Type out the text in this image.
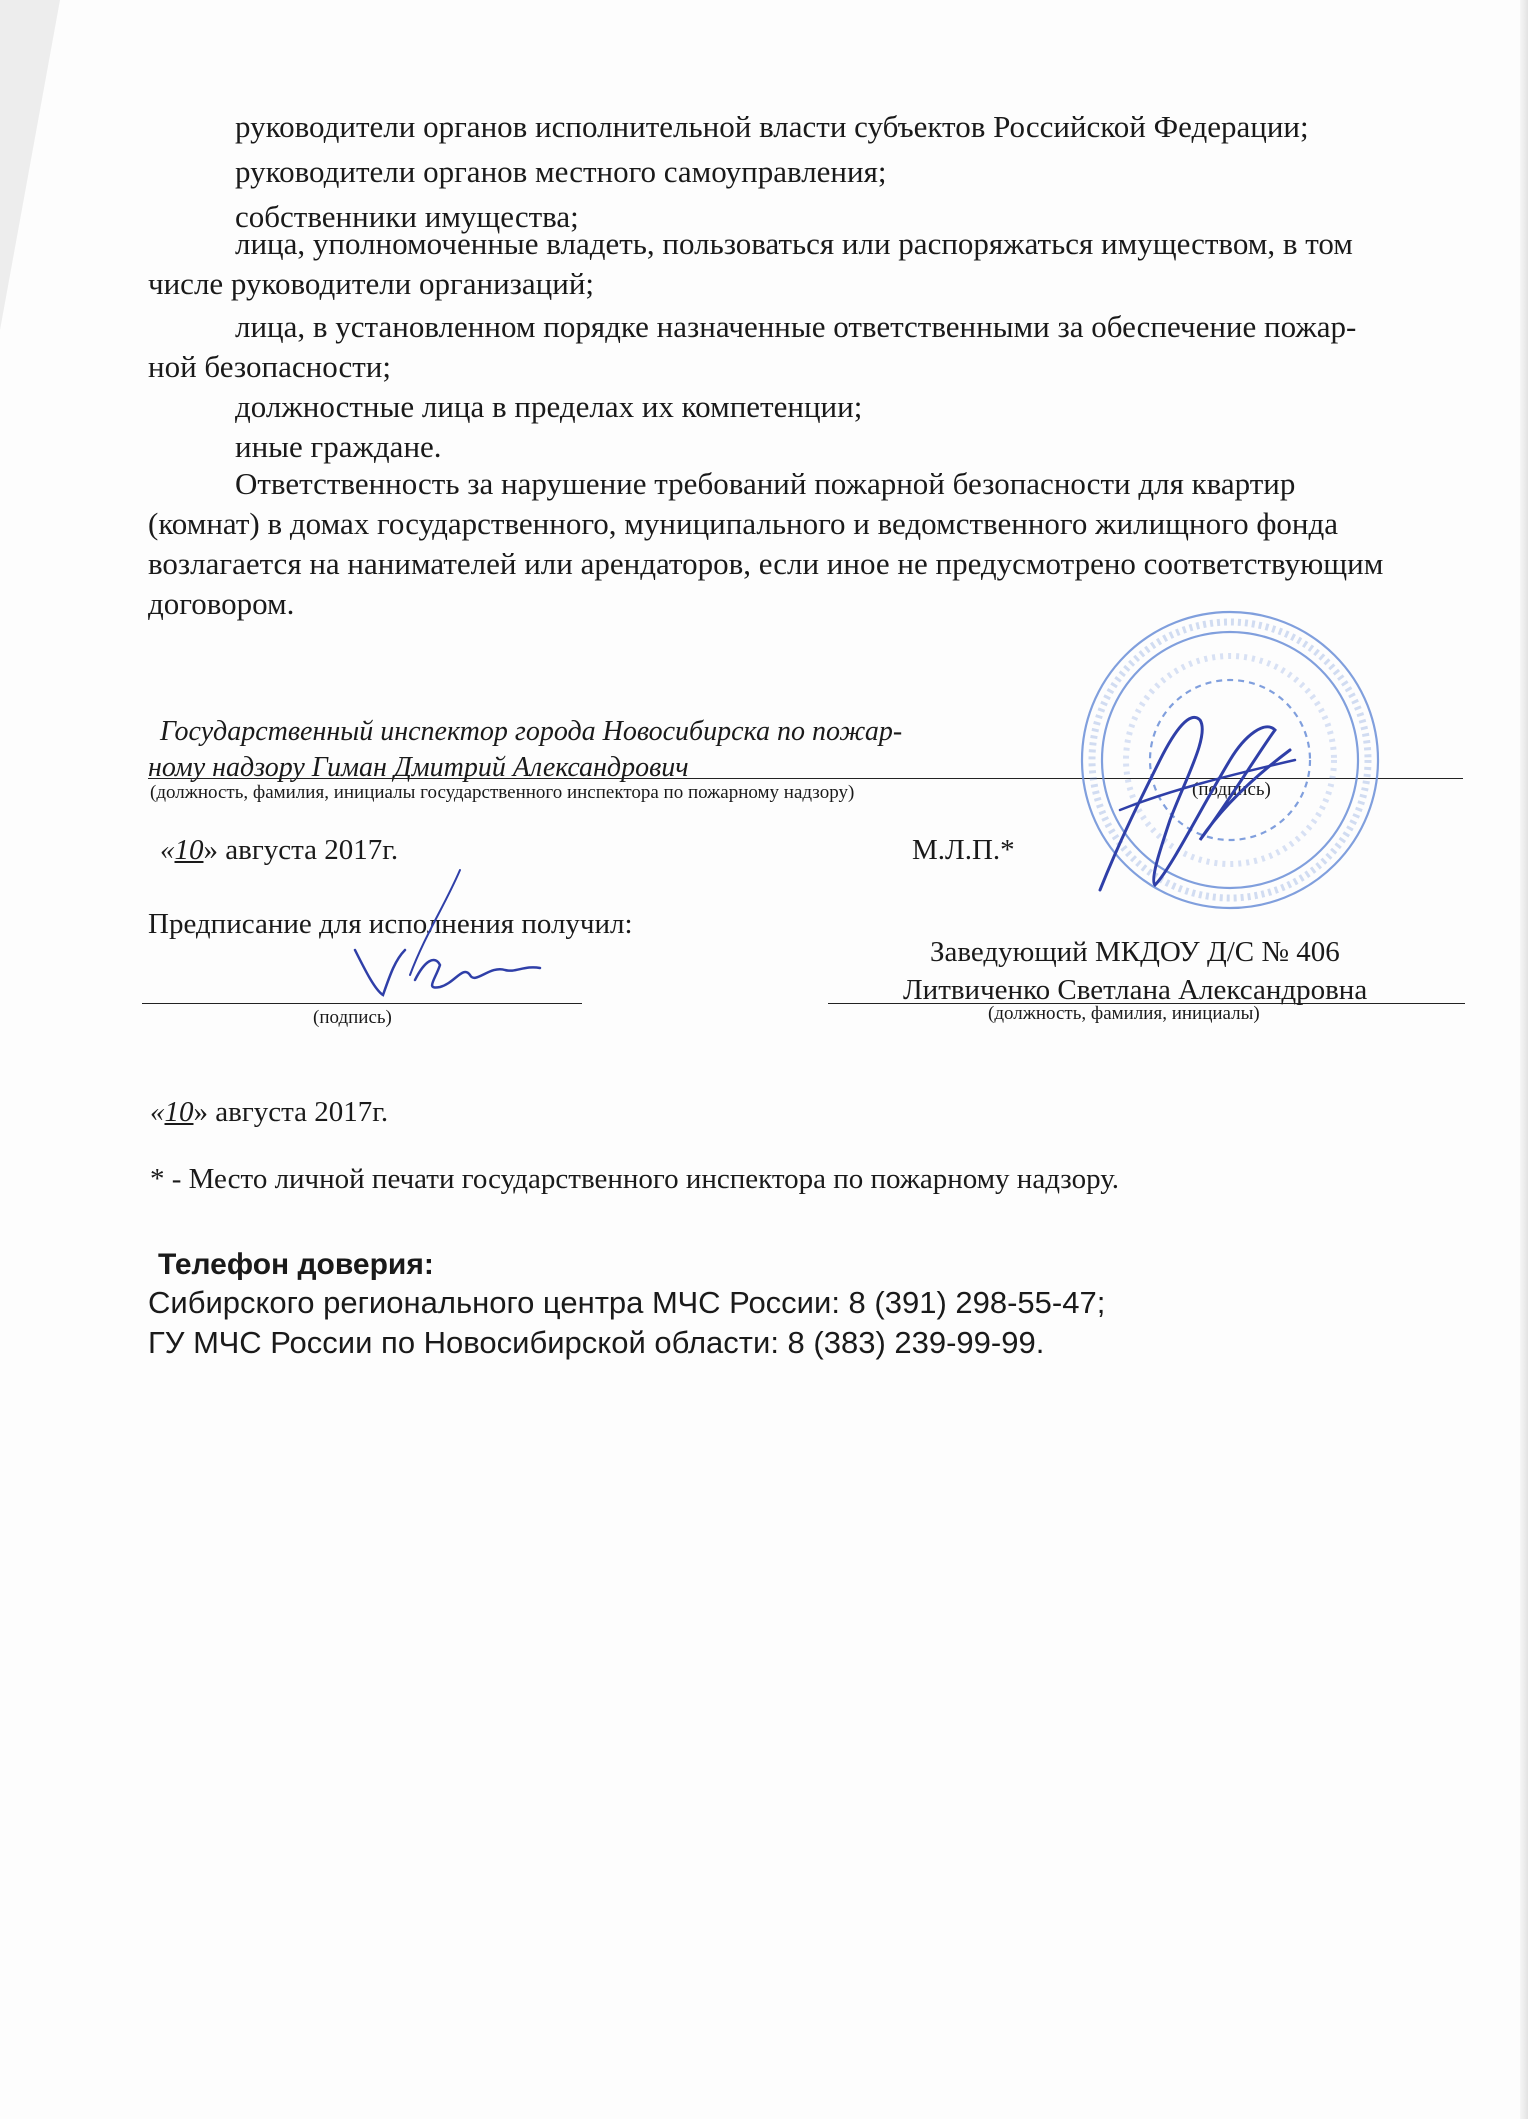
руководители органов исполнительной власти субъектов Российской Федерации;
руководители органов местного самоуправления;
собственники имущества;
лица, уполномоченные владеть, пользоваться или распоряжаться имуществом, в том
числе руководители организаций;
лица, в установленном порядке назначенные ответственными за обеспечение пожар-
ной безопасности;
должностные лица в пределах их компетенции;
иные граждане.
Ответственность за нарушение требований пожарной безопасности для квартир
(комнат) в домах государственного, муниципального и ведомственного жилищного фонда
возлагается на нанимателей или арендаторов, если иное не предусмотрено соответствующим
договором.
Государственный инспектор города Новосибирска по пожар-
ному надзору Гиман Дмитрий Александрович
(должность, фамилия, инициалы государственного инспектора по пожарному надзору)	(подпись)
«10» августа 2017г.	М.Л.П.*
Предписание для исполнения получил:
Заведующий МКДОУ Д/С № 406
Литвиченко Светлана Александровна
(подпись)	(должность, фамилия, инициалы)
«10» августа 2017г.
* - Место личной печати государственного инспектора по пожарному надзору.
Телефон доверия:
Сибирского регионального центра МЧС России: 8 (391) 298-55-47;
ГУ МЧС России по Новосибирской области: 8 (383) 239-99-99.
